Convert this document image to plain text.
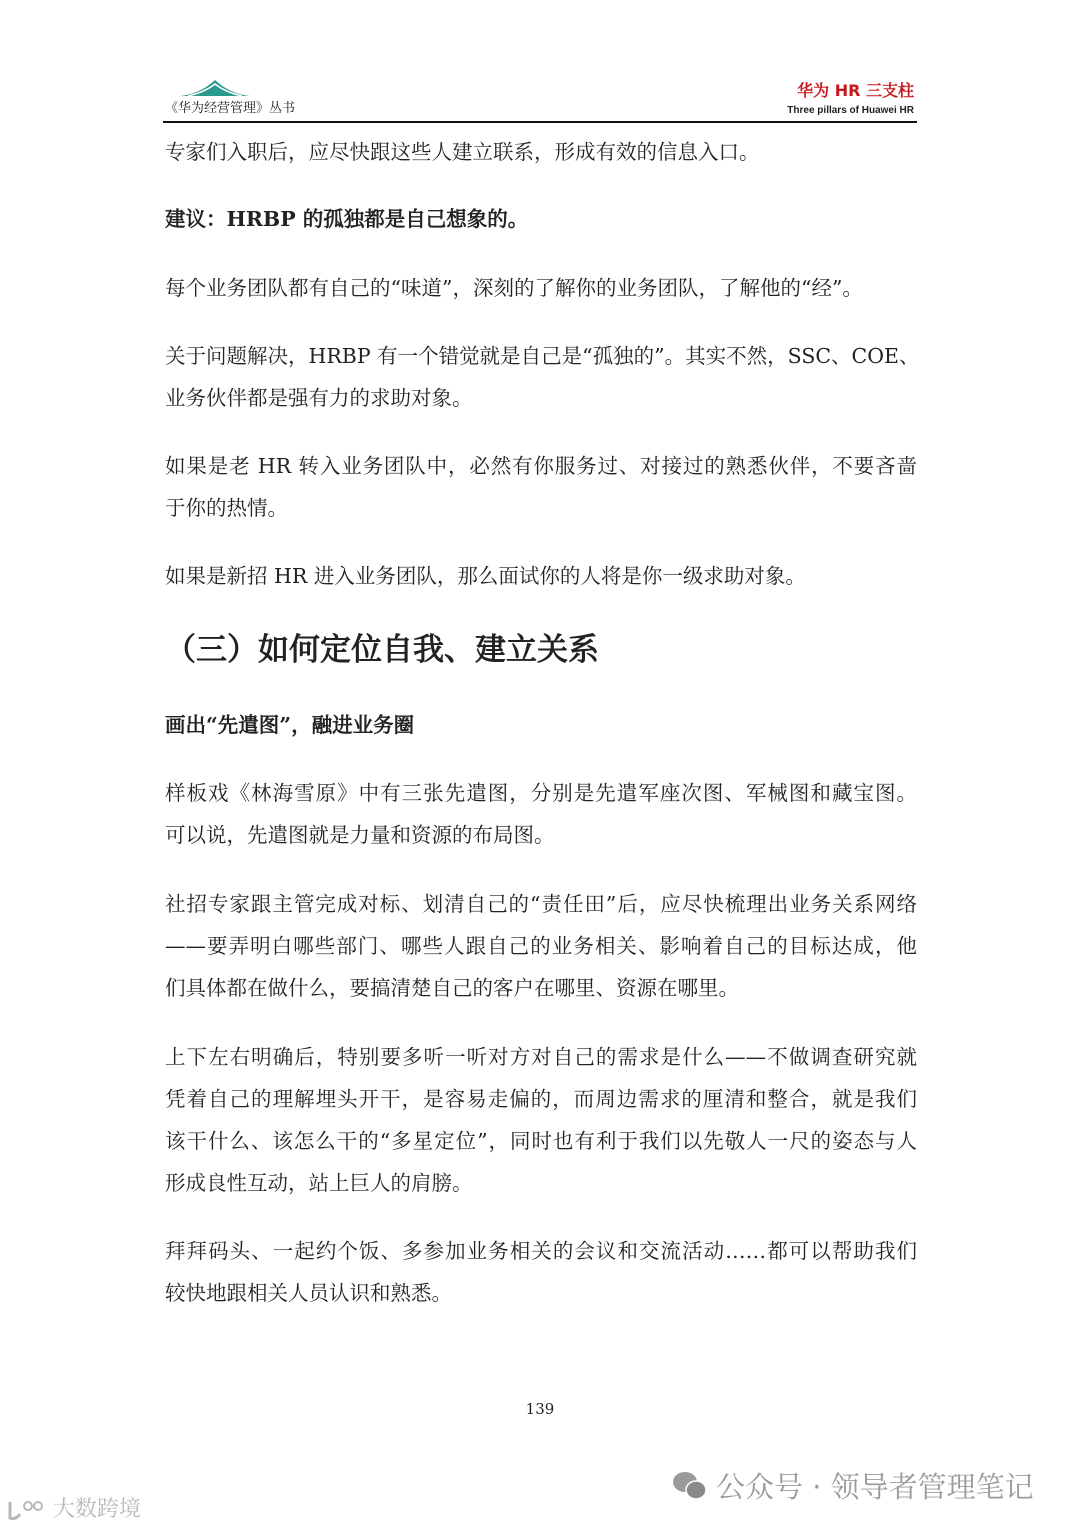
《华为经营管理》丛书
华为 HR 三支柱
Three pillars of Huawei HR
专家们入职后，应尽快跟这些人建立联系，形成有效的信息入口。
建议：HRBP 的孤独都是自己想象的。
每个业务团队都有自己的“味道”，深刻的了解你的业务团队，了解他的“经”。
关于问题解决，HRBP 有一个错觉就是自己是“孤独的”。其实不然，SSC、COE、
业务伙伴都是强有力的求助对象。
如果是老 HR 转入业务团队中，必然有你服务过、对接过的熟悉伙伴，不要吝啬
于你的热情。
如果是新招 HR 进入业务团队，那么面试你的人将是你一级求助对象。
画出“先遣图”，融进业务圈
样板戏《林海雪原》中有三张先遣图，分别是先遣军座次图、军械图和藏宝图。
可以说，先遣图就是力量和资源的布局图。
社招专家跟主管完成对标、划清自己的“责任田”后，应尽快梳理出业务关系网络
——要弄明白哪些部门、哪些人跟自己的业务相关、影响着自己的目标达成，他
们具体都在做什么，要搞清楚自己的客户在哪里、资源在哪里。
上下左右明确后，特别要多听一听对方对自己的需求是什么——不做调查研究就
凭着自己的理解埋头开干，是容易走偏的，而周边需求的厘清和整合，就是我们
该干什么、该怎么干的“多星定位”，同时也有利于我们以先敬人一尺的姿态与人
形成良性互动，站上巨人的肩膀。
拜拜码头、一起约个饭、多参加业务相关的会议和交流活动……都可以帮助我们
较快地跟相关人员认识和熟悉。
（三）如何定位自我、建立关系
139
公众号 · 领导者管理笔记
大数跨境
